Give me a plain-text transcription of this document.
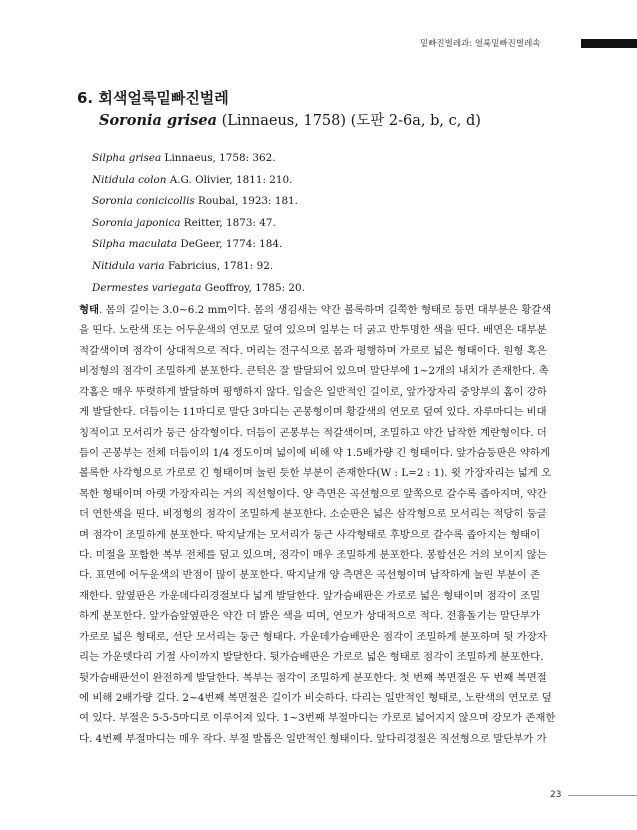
밑빠진벌레과: 얼룩밑빠진벌레속
6. 회색얼룩밑빠진벌레
Soronia grisea (Linnaeus, 1758) (도판 2-6a, b, c, d)
Silpha grisea Linnaeus, 1758: 362.
Nitidula colon A.G. Olivier, 1811: 210.
Soronia conicicollis Roubal, 1923: 181.
Soronia japonica Reitter, 1873: 47.
Silpha maculata DeGeer, 1774: 184.
Nitidula varia Fabricius, 1781: 92.
Dermestes variegata Geoffroy, 1785: 20.

형태. 몸의 길이는 3.0~6.2 mm이다. 몸의 생김새는 약간 볼록하며 길쭉한 형태로 등면 대부분은 황갈색
을 띤다. 노란색 또는 어두운색의 연모로 덮여 있으며 일부는 더 굵고 반투명한 색을 띤다. 배면은 대부분
적갈색이며 점각이 상대적으로 적다. 머리는 전구식으로 몸과 평행하며 가로로 넓은 형태이다. 원형 혹은
비정형의 점각이 조밀하게 분포한다. 큰턱은 잘 발달되어 있으며 말단부에 1~2개의 내치가 존재한다. 촉
각홈은 매우 뚜렷하게 발달하며 평행하지 않다. 입술은 일반적인 길이로, 앞가장자리 중앙부의 홈이 강하
게 발달한다. 더듬이는 11마디로 말단 3마디는 곤봉형이며 황갈색의 연모로 덮여 있다. 자루마디는 비대
칭적이고 모서리가 둥근 삼각형이다. 더듬이 곤봉부는 적갈색이며, 조밀하고 약간 납작한 계란형이다. 더
듬이 곤봉부는 전체 더듬이의 1/4 정도이며 넓이에 비해 약 1.5배가량 긴 형태이다. 앞가슴등판은 약하게
볼록한 사각형으로 가로로 긴 형태이며 눌린 듯한 부분이 존재한다(W : L=2 : 1). 윗 가장자리는 넓게 오
목한 형태이며 아랫 가장자리는 거의 직선형이다. 양 측면은 곡선형으로 앞쪽으로 갈수록 좁아지며, 약간
더 연한색을 띤다. 비정형의 점각이 조밀하게 분포한다. 소순판은 넓은 삼각형으로 모서리는 적당히 둥글
며 점각이 조밀하게 분포한다. 딱지날개는 모서리가 둥근 사각형태로 후방으로 갈수록 좁아지는 형태이
다. 미절을 포함한 복부 전체를 덮고 있으며, 점각이 매우 조밀하게 분포한다. 봉합선은 거의 보이지 않는
다. 표면에 어두운색의 반점이 많이 분포한다. 딱지날개 양 측면은 곡선형이며 납작하게 눌린 부분이 존
재한다. 앞옆판은 가운데다리경절보다 넓게 발달한다. 앞가슴배판은 가로로 넓은 형태이며 점각이 조밀
하게 분포한다. 앞가슴앞옆판은 약간 더 밝은 색을 띠며, 연모가 상대적으로 적다. 전흉돌기는 말단부가
가로로 넓은 형태로, 선단 모서리는 둥근 형태다. 가운데가슴배판은 점각이 조밀하게 분포하며 뒷 가장자
리는 가운뎃다리 기절 사이까지 발달한다. 뒷가슴배판은 가로로 넓은 형태로 점각이 조밀하게 분포한다.
뒷가슴배판선이 완전하게 발달한다. 복부는 점각이 조밀하게 분포한다. 첫 번째 복면절은 두 번째 복면절
에 비해 2배가량 길다. 2~4번째 복면절은 길이가 비슷하다. 다리는 일반적인 형태로, 노란색의 연모로 덮
여 있다. 부절은 5-5-5마디로 이루어져 있다. 1~3번째 부절마디는 가로로 넓어지지 않으며 강모가 존재한
다. 4번째 부절마디는 매우 작다. 부절 발톱은 일반적인 형태이다. 앞다리경절은 직선형으로 말단부가 가

23
